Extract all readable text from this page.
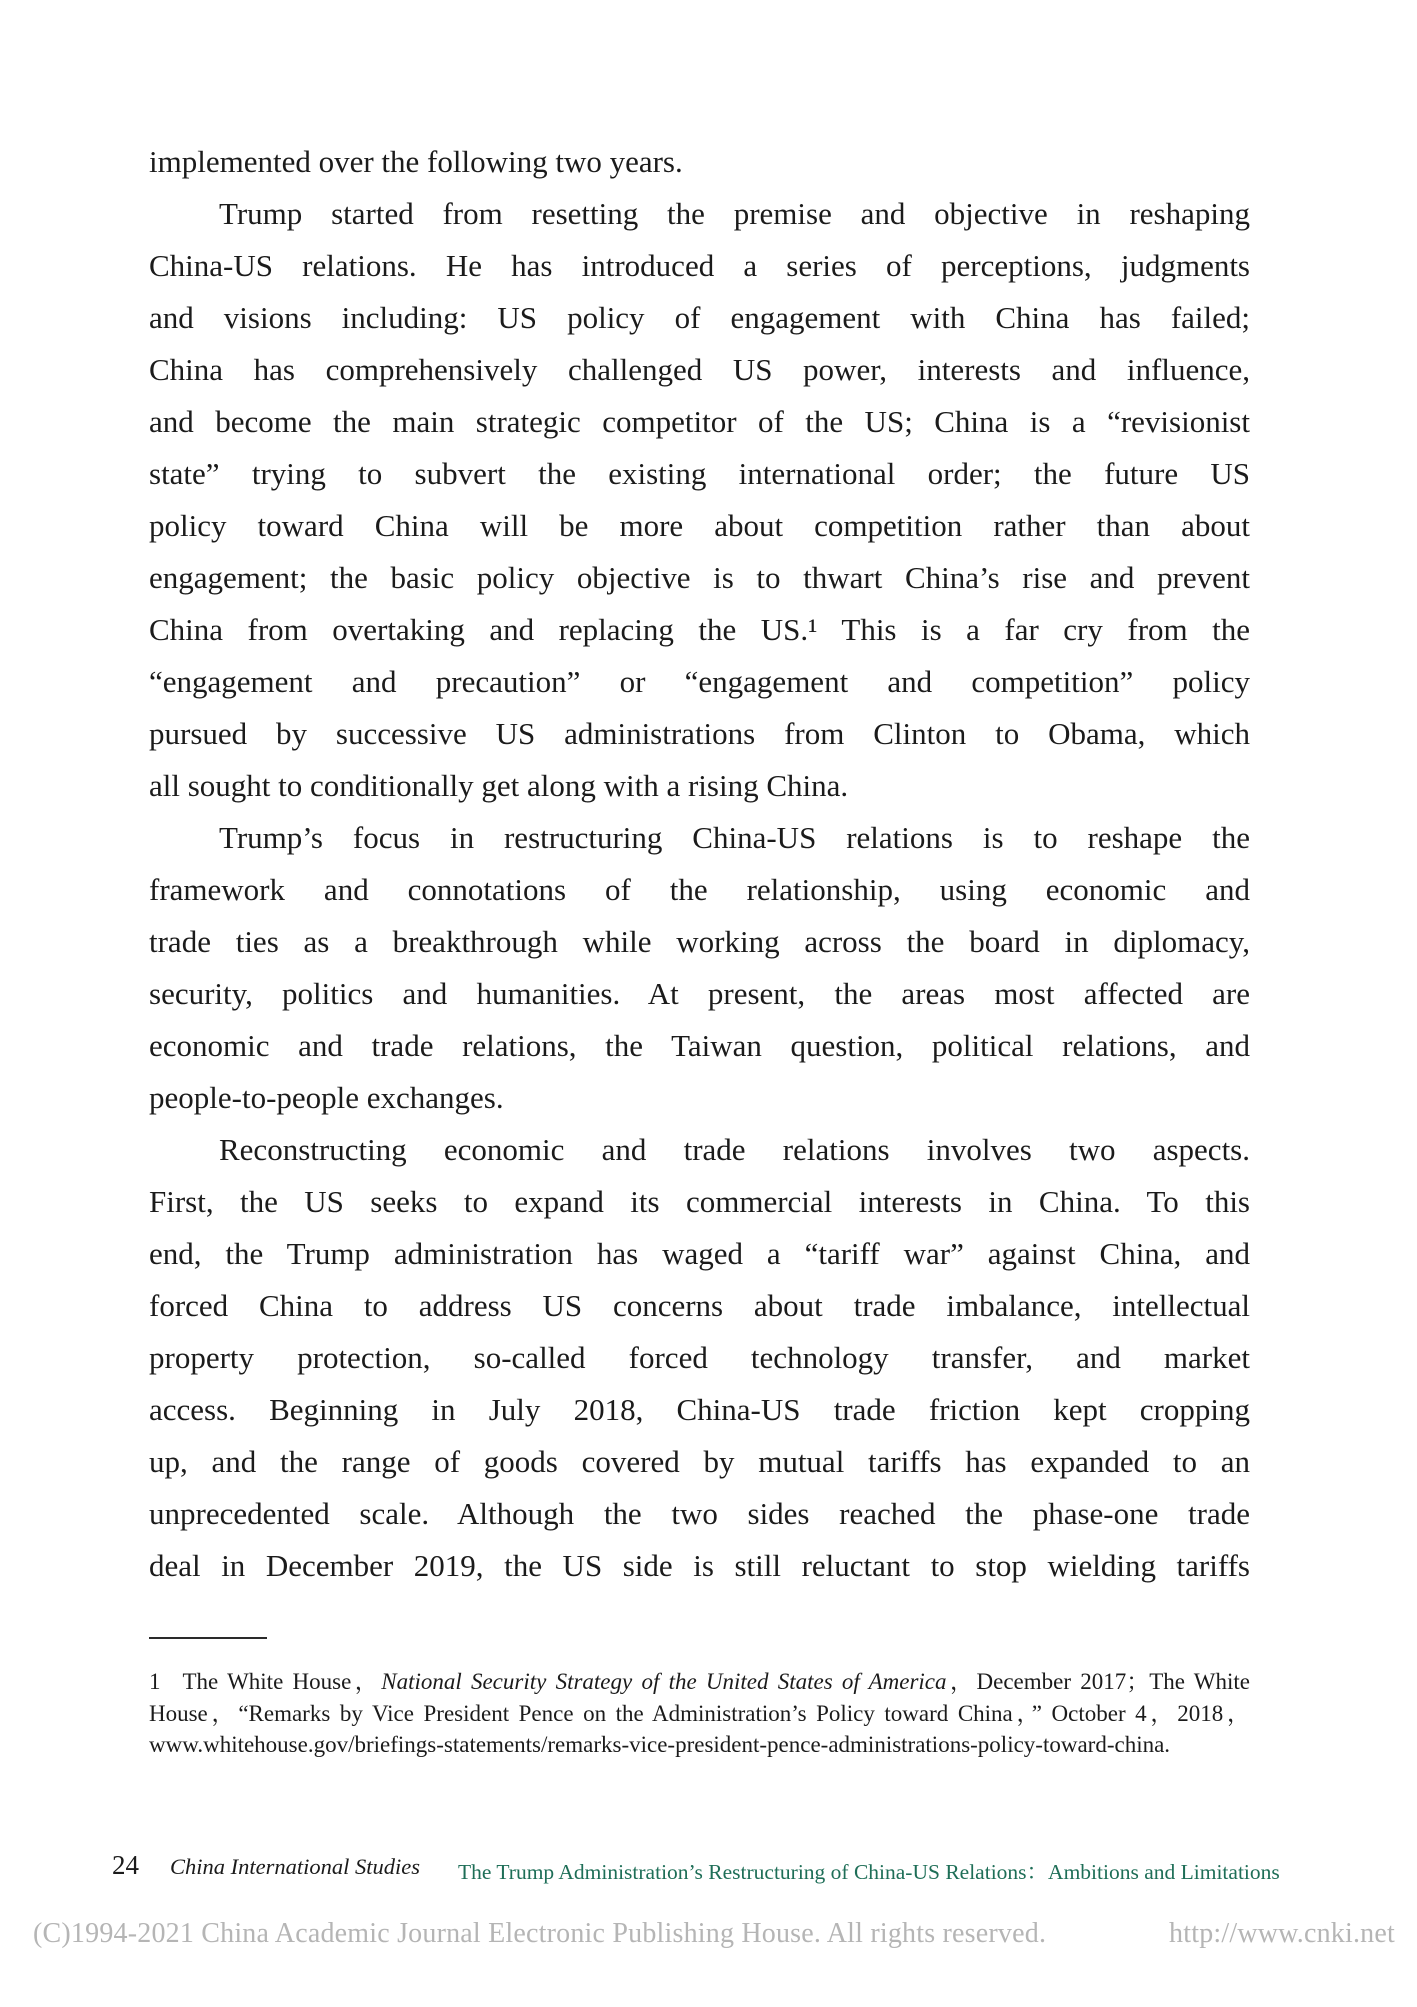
implemented over the following two years.
Trump started from resetting the premise and objective in reshaping
China-US relations. He has introduced a series of perceptions, judgments
and visions including: US policy of engagement with China has failed;
China has comprehensively challenged US power, interests and influence,
and become the main strategic competitor of the US; China is a “revisionist
state” trying to subvert the existing international order; the future US
policy toward China will be more about competition rather than about
engagement; the basic policy objective is to thwart China’s rise and prevent
China from overtaking and replacing the US.¹ This is a far cry from the
“engagement and precaution” or “engagement and competition” policy
pursued by successive US administrations from Clinton to Obama, which
all sought to conditionally get along with a rising China.
Trump’s focus in restructuring China-US relations is to reshape the
framework and connotations of the relationship, using economic and
trade ties as a breakthrough while working across the board in diplomacy,
security, politics and humanities. At present, the areas most affected are
economic and trade relations, the Taiwan question, political relations, and
people-to-people exchanges.
Reconstructing economic and trade relations involves two aspects.
First, the US seeks to expand its commercial interests in China. To this
end, the Trump administration has waged a “tariff war” against China, and
forced China to address US concerns about trade imbalance, intellectual
property protection, so-called forced technology transfer, and market
access. Beginning in July 2018, China-US trade friction kept cropping
up, and the range of goods covered by mutual tariffs has expanded to an
unprecedented scale. Although the two sides reached the phase-one trade
deal in December 2019, the US side is still reluctant to stop wielding tariffs
1 The White House，National Security Strategy of the United States of America，December 2017；The White House，“Remarks by Vice President Pence on the Administration’s Policy toward China，” October 4，2018，www.whitehouse.gov/briefings-statements/remarks-vice-president-pence-administrations-policy-toward-china.
24 China International Studies The Trump Administration’s Restructuring of China-US Relations：Ambitions and Limitations
(C)1994-2021 China Academic Journal Electronic Publishing House. All rights reserved.	http://www.cnki.net
